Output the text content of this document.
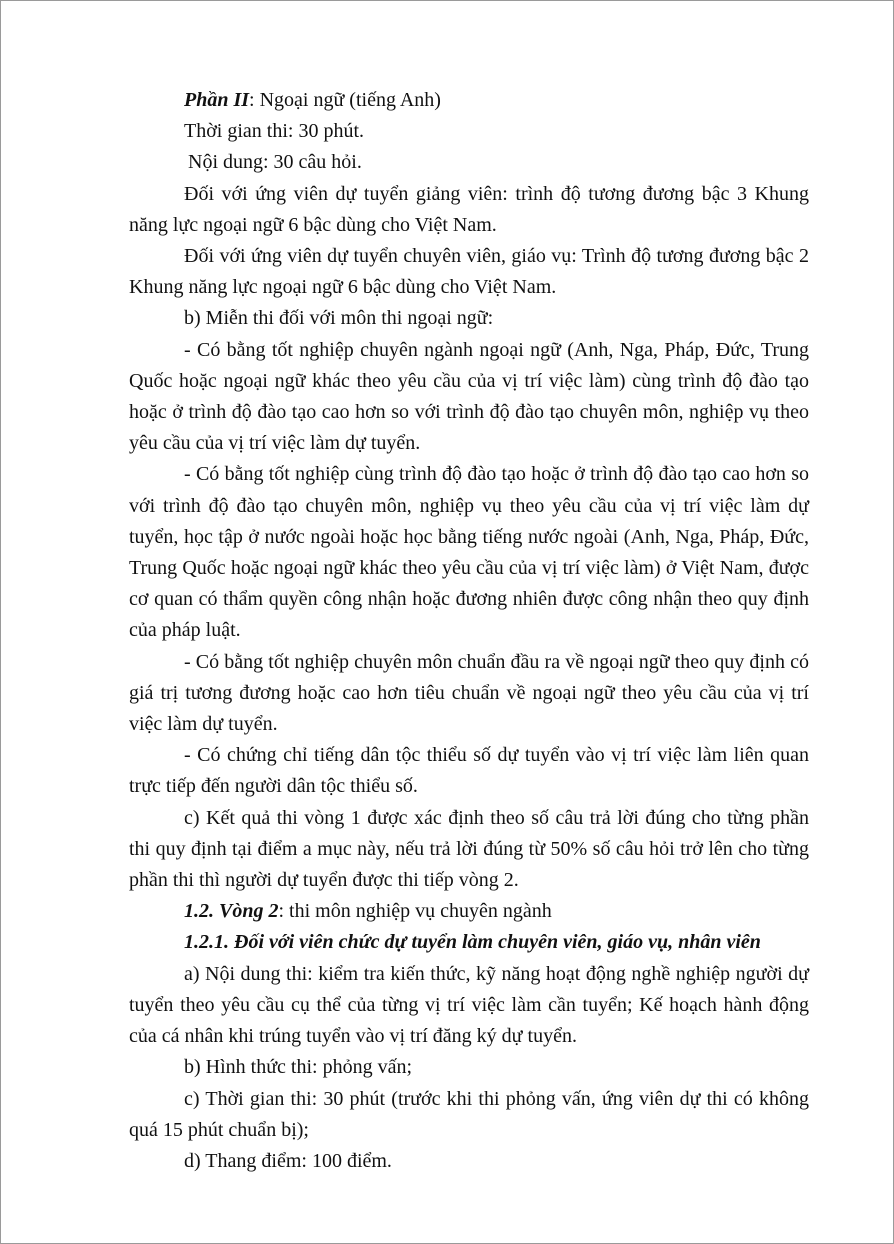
Phần II: Ngoại ngữ (tiếng Anh)

Thời gian thi: 30 phút.

Nội dung: 30 câu hỏi.

Đối với ứng viên dự tuyển giảng viên: trình độ tương đương bậc 3 Khung năng lực ngoại ngữ 6 bậc dùng cho Việt Nam.

Đối với ứng viên dự tuyển chuyên viên, giáo vụ: Trình độ tương đương bậc 2 Khung năng lực ngoại ngữ 6 bậc dùng cho Việt Nam.

b) Miễn thi đối với môn thi ngoại ngữ:

- Có bằng tốt nghiệp chuyên ngành ngoại ngữ (Anh, Nga, Pháp, Đức, Trung Quốc hoặc ngoại ngữ khác theo yêu cầu của vị trí việc làm) cùng trình độ đào tạo hoặc ở trình độ đào tạo cao hơn so với trình độ đào tạo chuyên môn, nghiệp vụ theo yêu cầu của vị trí việc làm dự tuyển.

- Có bằng tốt nghiệp cùng trình độ đào tạo hoặc ở trình độ đào tạo cao hơn so với trình độ đào tạo chuyên môn, nghiệp vụ theo yêu cầu của vị trí việc làm dự tuyển, học tập ở nước ngoài hoặc học bằng tiếng nước ngoài (Anh, Nga, Pháp, Đức, Trung Quốc hoặc ngoại ngữ khác theo yêu cầu của vị trí việc làm) ở Việt Nam, được cơ quan có thẩm quyền công nhận hoặc đương nhiên được công nhận theo quy định của pháp luật.

- Có bằng tốt nghiệp chuyên môn chuẩn đầu ra về ngoại ngữ theo quy định có giá trị tương đương hoặc cao hơn tiêu chuẩn về ngoại ngữ theo yêu cầu của vị trí việc làm dự tuyển.

- Có chứng chỉ tiếng dân tộc thiểu số dự tuyển vào vị trí việc làm liên quan trực tiếp đến người dân tộc thiểu số.

c) Kết quả thi vòng 1 được xác định theo số câu trả lời đúng cho từng phần thi quy định tại điểm a mục này, nếu trả lời đúng từ 50% số câu hỏi trở lên cho từng phần thi thì người dự tuyển được thi tiếp vòng 2.

1.2. Vòng 2: thi môn nghiệp vụ chuyên ngành

1.2.1. Đối với viên chức dự tuyển làm chuyên viên, giáo vụ, nhân viên

a) Nội dung thi: kiểm tra kiến thức, kỹ năng hoạt động nghề nghiệp người dự tuyển theo yêu cầu cụ thể của từng vị trí việc làm cần tuyển; Kế hoạch hành động của cá nhân khi trúng tuyển vào vị trí đăng ký dự tuyển.

b) Hình thức thi: phỏng vấn;

c) Thời gian thi: 30 phút (trước khi thi phỏng vấn, ứng viên dự thi có không quá 15 phút chuẩn bị);

d) Thang điểm: 100 điểm.
